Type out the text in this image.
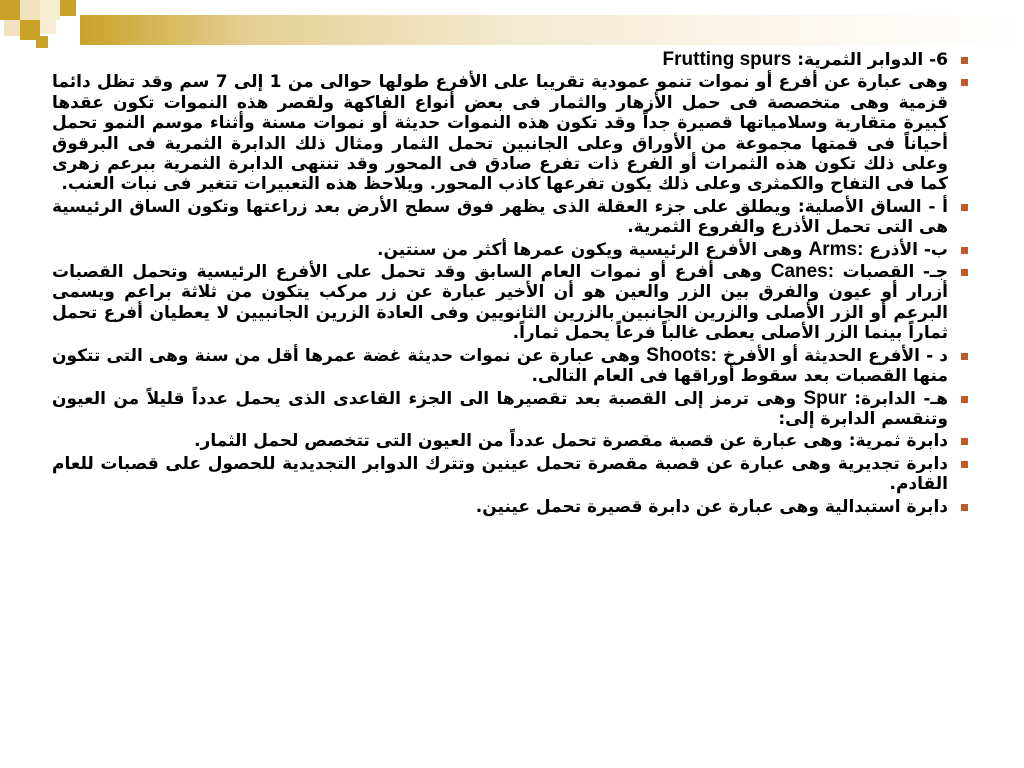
6- الدوابر الثمرية: Frutting spurs
وهى عبارة عن أفرع أو نموات تنمو عمودية تقريبا على الأفرع طولها حوالى من 1 إلى 7 سم وقد تظل دائما قزمية وهى متخصصة فى حمل الأزهار والثمار فى بعض أنواع الفاكهة ولقصر هذه النموات تكون عقدها كبيرة متقاربة وسلامياتها قصيرة جداً وقد تكون هذه النموات حديثة أو نموات مسنة وأثناء موسم النمو تحمل أحياناً فى قمتها مجموعة من الأوراق وعلى الجانبين تحمل الثمار ومثال ذلك الدابرة الثمرية فى البرقوق وعلى ذلك تكون هذه الثمرات أو الفرع ذات تفرع صادق فى المحور وقد تنتهى الدابرة الثمرية ببرعم زهرى كما فى التفاح والكمثرى وعلى ذلك يكون تفرعها كاذب المحور. ويلاحظ هذه التعبيرات تتغير فى نبات العنب.
أ - الساق الأصلية: ويطلق على جزء العقلة الذى يظهر فوق سطح الأرض بعد زراعتها وتكون الساق الرئيسية هى التى تحمل الأذرع والفروع الثمرية.
ب- الأذرع Arms: وهى الأفرع الرئيسية ويكون عمرها أكثر من سنتين.
جـ- القصبات Canes: وهى أفرع أو نموات العام السابق وقد تحمل على الأفرع الرئيسية وتحمل القصبات أزرار أو عيون والفرق بين الزر والعين هو أن الأخير عبارة عن زر مركب يتكون من ثلاثة براعم ويسمى البرعم أو الزر الأصلى والزرين الجانبين بالزرين الثانويين وفى العادة الزرين الجانبيين لا يعطيان أفرع تحمل ثماراً بينما الزر الأصلى يعطى غالباً فرعاً يحمل ثماراً.
د - الأفرع الحديثة أو الأفرخ Shoots: وهى عبارة عن نموات حديثة غضة عمرها أقل من سنة وهى التى تتكون منها القصبات بعد سقوط أوراقها فى العام التالى.
هـ- الدابرة: Spur وهى ترمز إلى القصبة بعد تقصيرها الى الجزء القاعدى الذى يحمل عدداً قليلاً من العيون وتنقسم الدابرة إلى:
دابرة ثمرية: وهى عبارة عن قصبة مقصرة تحمل عدداً من العيون التى تتخصص لحمل الثمار.
دابرة تجديرية وهى عبارة عن قصبة مقصرة تحمل عينين وتترك الدوابر التجديدية للحصول على قصبات للعام القادم.
دابرة استبدالية وهى عبارة عن دابرة قصيرة تحمل عينين.
